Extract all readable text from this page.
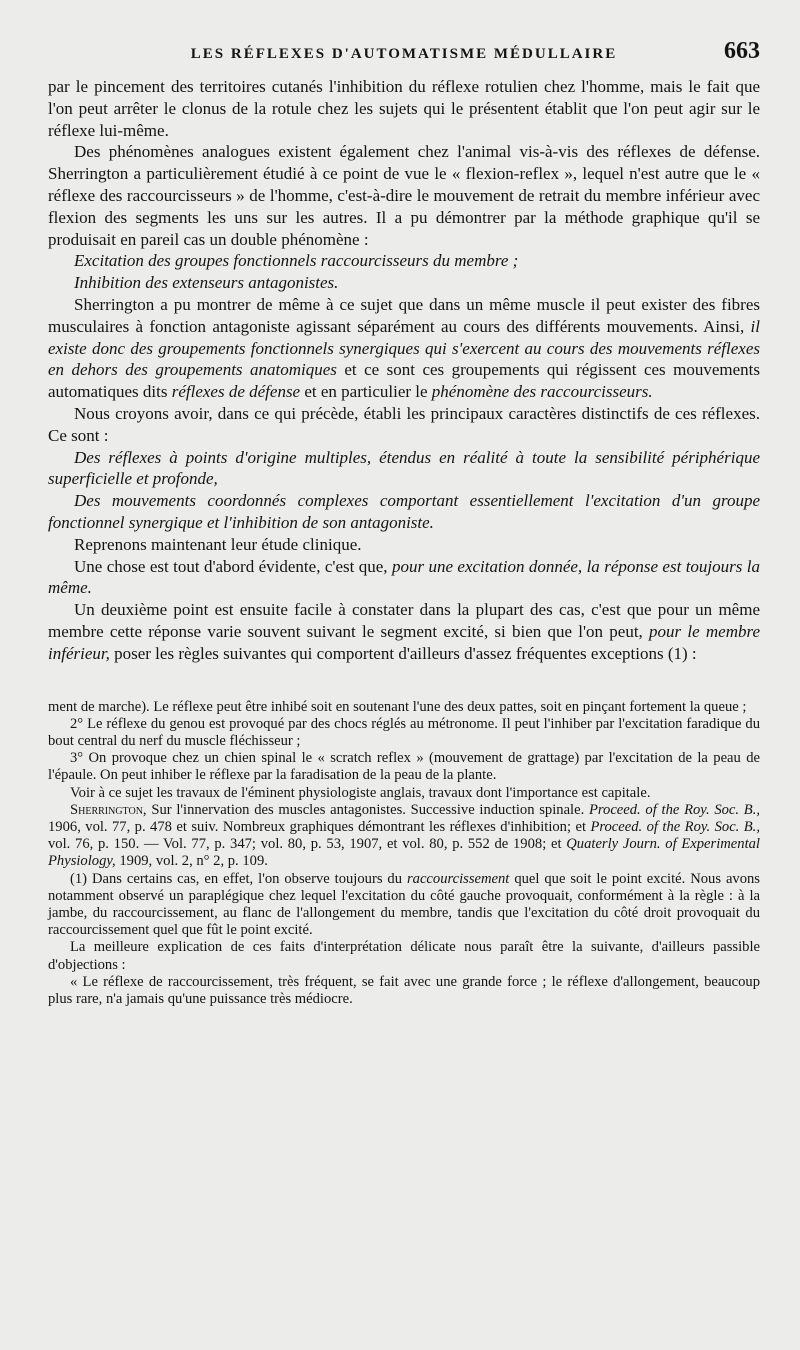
LES RÉFLEXES D'AUTOMATISME MÉDULLAIRE	663

par le pincement des territoires cutanés l'inhibition du réflexe rotulien chez l'homme, mais le fait que l'on peut arrêter le clonus de la rotule chez les sujets qui le présentent établit que l'on peut agir sur le réflexe lui-même.

Des phénomènes analogues existent également chez l'animal vis-à-vis des réflexes de défense. Sherrington a particulièrement étudié à ce point de vue le « flexion-reflex », lequel n'est autre que le « réflexe des raccourcisseurs » de l'homme, c'est-à-dire le mouvement de retrait du membre inférieur avec flexion des segments les uns sur les autres. Il a pu démontrer par la méthode graphique qu'il se produisait en pareil cas un double phénomène :

Excitation des groupes fonctionnels raccourcisseurs du membre ;

Inhibition des extenseurs antagonistes.

Sherrington a pu montrer de même à ce sujet que dans un même muscle il peut exister des fibres musculaires à fonction antagoniste agissant séparément au cours des différents mouvements. Ainsi, il existe donc des groupements fonctionnels synergiques qui s'exercent au cours des mouvements réflexes en dehors des groupements anatomiques et ce sont ces groupements qui régissent ces mouvements automatiques dits réflexes de défense et en particulier le phénomène des raccourcisseurs.

Nous croyons avoir, dans ce qui précède, établi les principaux caractères distinctifs de ces réflexes. Ce sont :

Des réflexes à points d'origine multiples, étendus en réalité à toute la sensibilité périphérique superficielle et profonde,

Des mouvements coordonnés complexes comportant essentiellement l'excitation d'un groupe fonctionnel synergique et l'inhibition de son antagoniste.

Reprenons maintenant leur étude clinique.

Une chose est tout d'abord évidente, c'est que, pour une excitation donnée, la réponse est toujours la même.

Un deuxième point est ensuite facile à constater dans la plupart des cas, c'est que pour un même membre cette réponse varie souvent suivant le segment excité, si bien que l'on peut, pour le membre inférieur, poser les règles suivantes qui comportent d'ailleurs d'assez fréquentes exceptions (1) :

ment de marche). Le réflexe peut être inhibé soit en soutenant l'une des deux pattes, soit en pinçant fortement la queue ;

2° Le réflexe du genou est provoqué par des chocs réglés au métronome. Il peut l'inhiber par l'excitation faradique du bout central du nerf du muscle fléchisseur ;

3° On provoque chez un chien spinal le « scratch reflex » (mouvement de grattage) par l'excitation de la peau de l'épaule. On peut inhiber le réflexe par la faradisation de la peau de la plante.

Voir à ce sujet les travaux de l'éminent physiologiste anglais, travaux dont l'importance est capitale.

Sherrington, Sur l'innervation des muscles antagonistes. Successive induction spinale. Proceed. of the Roy. Soc. B., 1906, vol. 77, p. 478 et suiv. Nombreux graphiques démontrant les réflexes d'inhibition; et Proceed. of the Roy. Soc. B., vol. 76, p. 150. — Vol. 77, p. 347; vol. 80, p. 53, 1907, et vol. 80, p. 552 de 1908; et Quaterly Journ. of Experimental Physiology, 1909, vol. 2, n° 2, p. 109.

(1) Dans certains cas, en effet, l'on observe toujours du raccourcissement quel que soit le point excité. Nous avons notamment observé un paraplégique chez lequel l'excitation du côté gauche provoquait, conformément à la règle : à la jambe, du raccourcissement, au flanc de l'allongement du membre, tandis que l'excitation du côté droit provoquait du raccourcissement quel que fût le point excité.

La meilleure explication de ces faits d'interprétation délicate nous paraît être la suivante, d'ailleurs passible d'objections :

« Le réflexe de raccourcissement, très fréquent, se fait avec une grande force ; le réflexe d'allongement, beaucoup plus rare, n'a jamais qu'une puissance très médiocre.
